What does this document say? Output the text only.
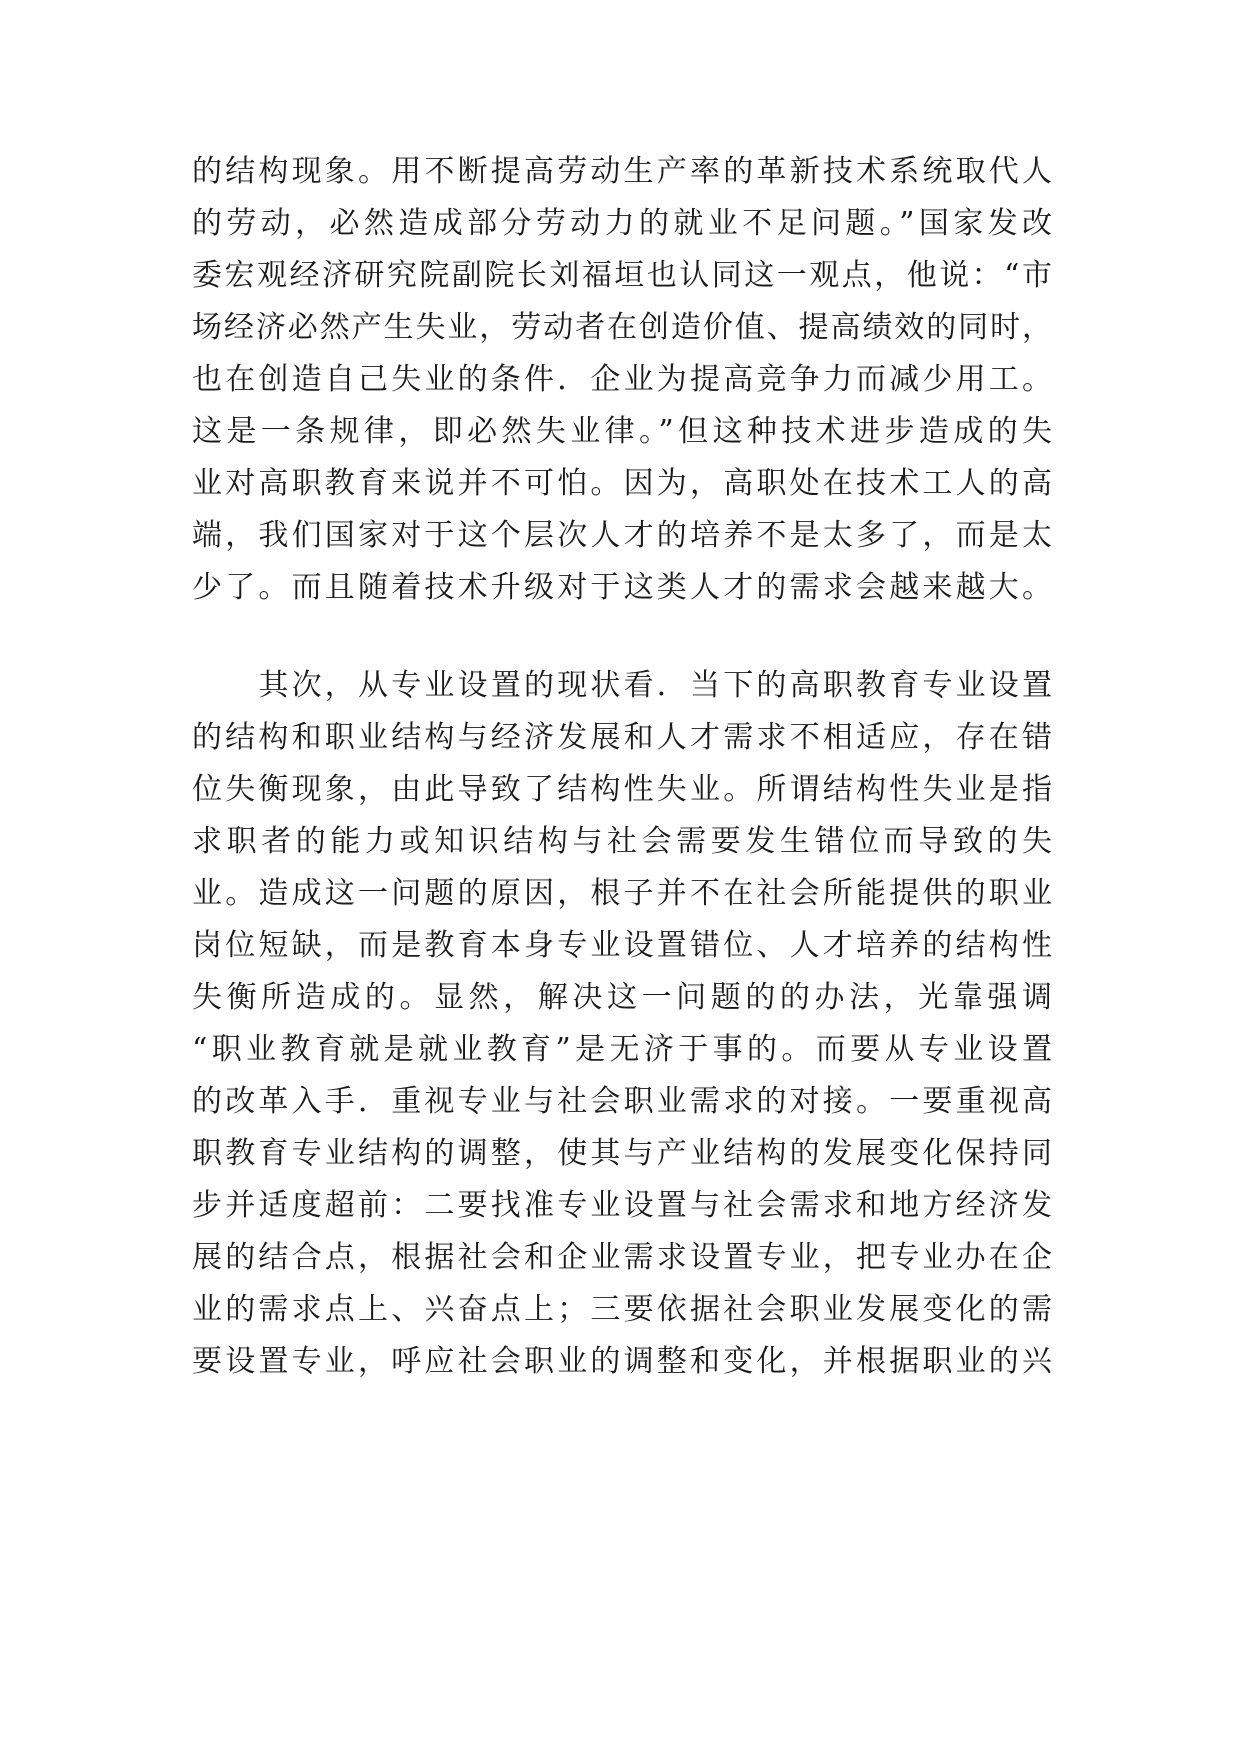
的结构现象。用不断提高劳动生产率的革新技术系统取代人
的劳动，必然造成部分劳动力的就业不足问题。”国家发改
委宏观经济研究院副院长刘福垣也认同这一观点，他说：“市
场经济必然产生失业，劳动者在创造价值、提高绩效的同时，
也在创造自己失业的条件．企业为提高竞争力而减少用工。
这是一条规律，即必然失业律。”但这种技术进步造成的失
业对高职教育来说并不可怕。因为，高职处在技术工人的高
端，我们国家对于这个层次人才的培养不是太多了，而是太
少了。而且随着技术升级对于这类人才的需求会越来越大。
　　其次，从专业设置的现状看．当下的高职教育专业设置
的结构和职业结构与经济发展和人才需求不相适应，存在错
位失衡现象，由此导致了结构性失业。所谓结构性失业是指
求职者的能力或知识结构与社会需要发生错位而导致的失
业。造成这一问题的原因，根子并不在社会所能提供的职业
岗位短缺，而是教育本身专业设置错位、人才培养的结构性
失衡所造成的。显然，解决这一问题的的办法，光靠强调
“职业教育就是就业教育”是无济于事的。而要从专业设置
的改革入手．重视专业与社会职业需求的对接。一要重视高
职教育专业结构的调整，使其与产业结构的发展变化保持同
步并适度超前：二要找准专业设置与社会需求和地方经济发
展的结合点，根据社会和企业需求设置专业，把专业办在企
业的需求点上、兴奋点上；三要依据社会职业发展变化的需
要设置专业，呼应社会职业的调整和变化，并根据职业的兴
